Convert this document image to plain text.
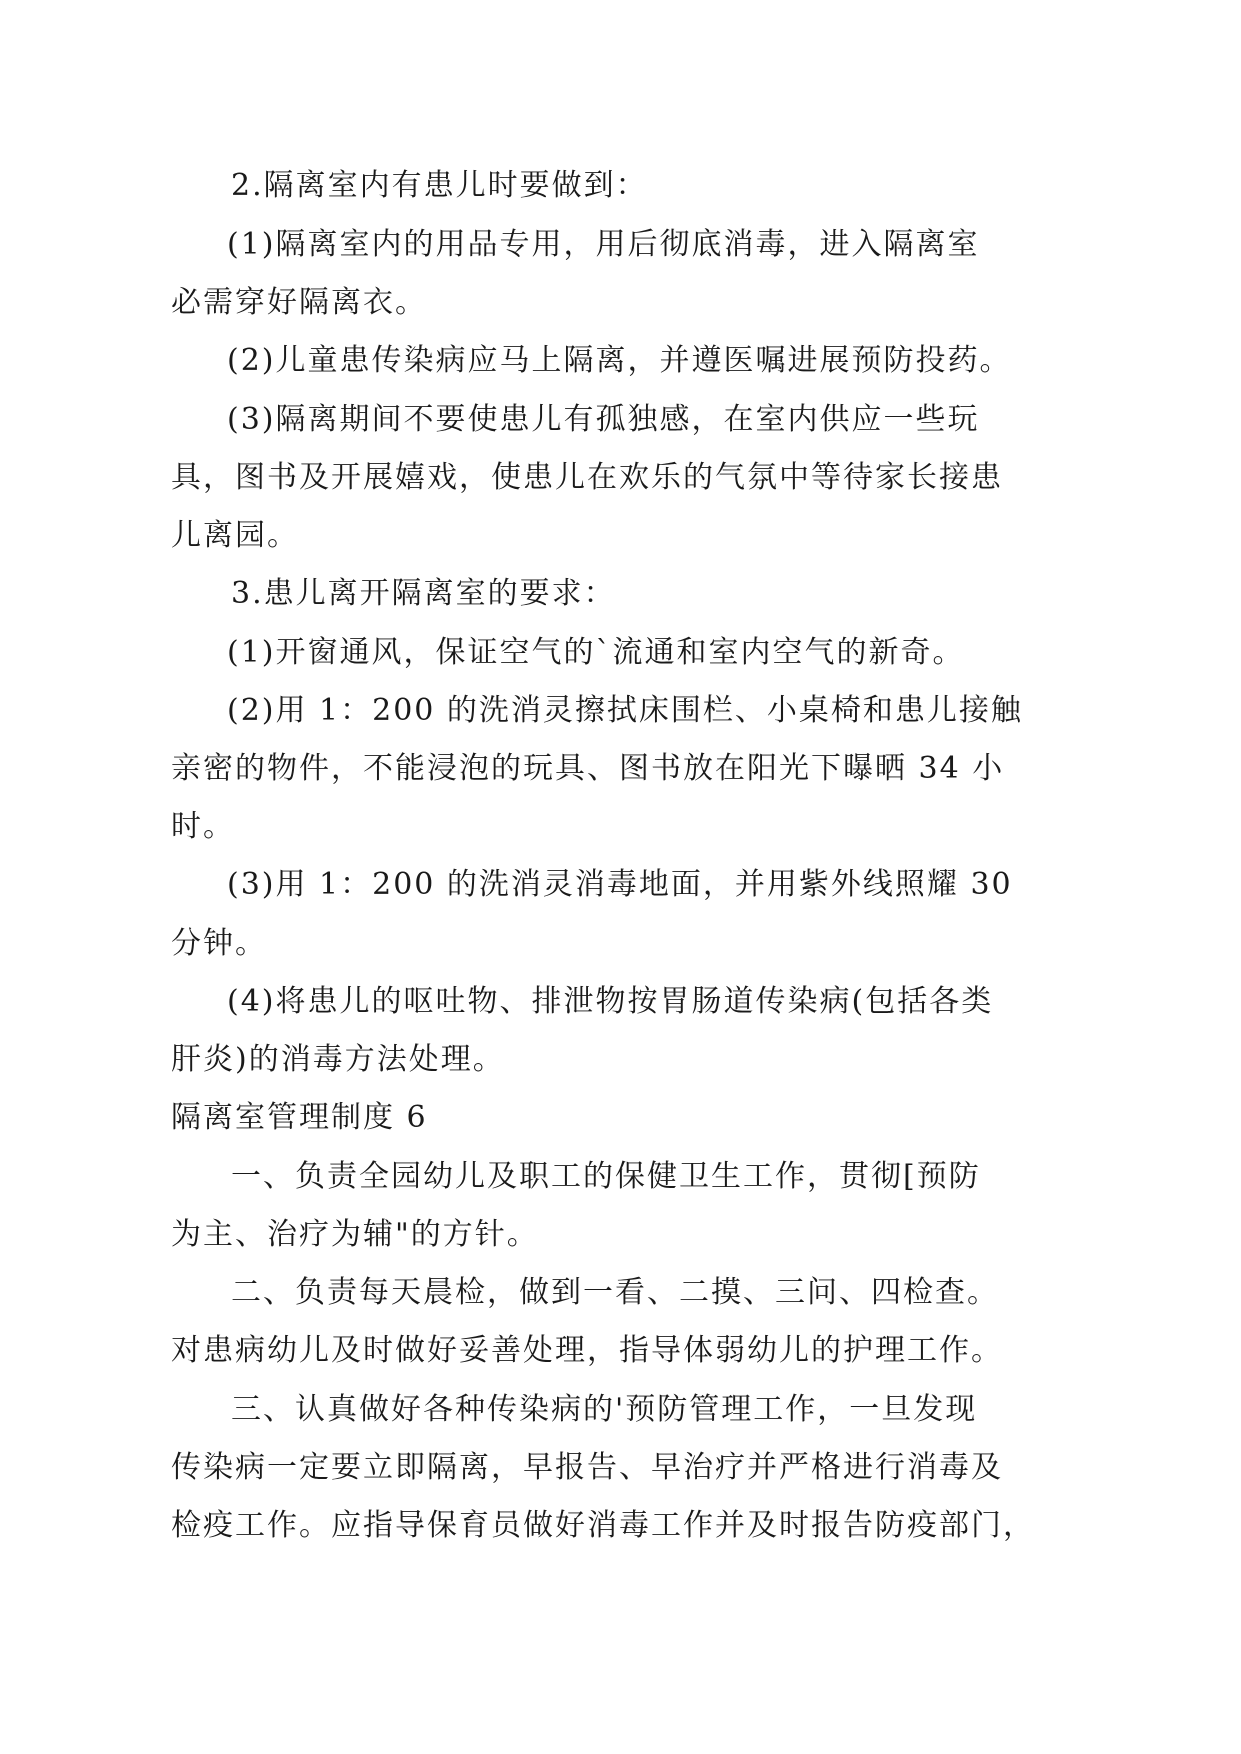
2.隔离室内有患儿时要做到：
(1)隔离室内的用品专用，用后彻底消毒，进入隔离室
必需穿好隔离衣。
(2)儿童患传染病应马上隔离，并遵医嘱进展预防投药。
(3)隔离期间不要使患儿有孤独感，在室内供应一些玩
具，图书及开展嬉戏，使患儿在欢乐的气氛中等待家长接患
儿离园。
3.患儿离开隔离室的要求：
(1)开窗通风，保证空气的`流通和室内空气的新奇。
(2)用 1：200 的洗消灵擦拭床围栏、小桌椅和患儿接触
亲密的物件，不能浸泡的玩具、图书放在阳光下曝晒 34 小
时。
(3)用 1：200 的洗消灵消毒地面，并用紫外线照耀 30
分钟。
(4)将患儿的呕吐物、排泄物按胃肠道传染病(包括各类
肝炎)的消毒方法处理。
隔离室管理制度 6
一、负责全园幼儿及职工的保健卫生工作，贯彻[预防
为主、治疗为辅"的方针。
二、负责每天晨检，做到一看、二摸、三问、四检查。
对患病幼儿及时做好妥善处理，指导体弱幼儿的护理工作。
三、认真做好各种传染病的'预防管理工作，一旦发现
传染病一定要立即隔离，早报告、早治疗并严格进行消毒及
检疫工作。应指导保育员做好消毒工作并及时报告防疫部门，
